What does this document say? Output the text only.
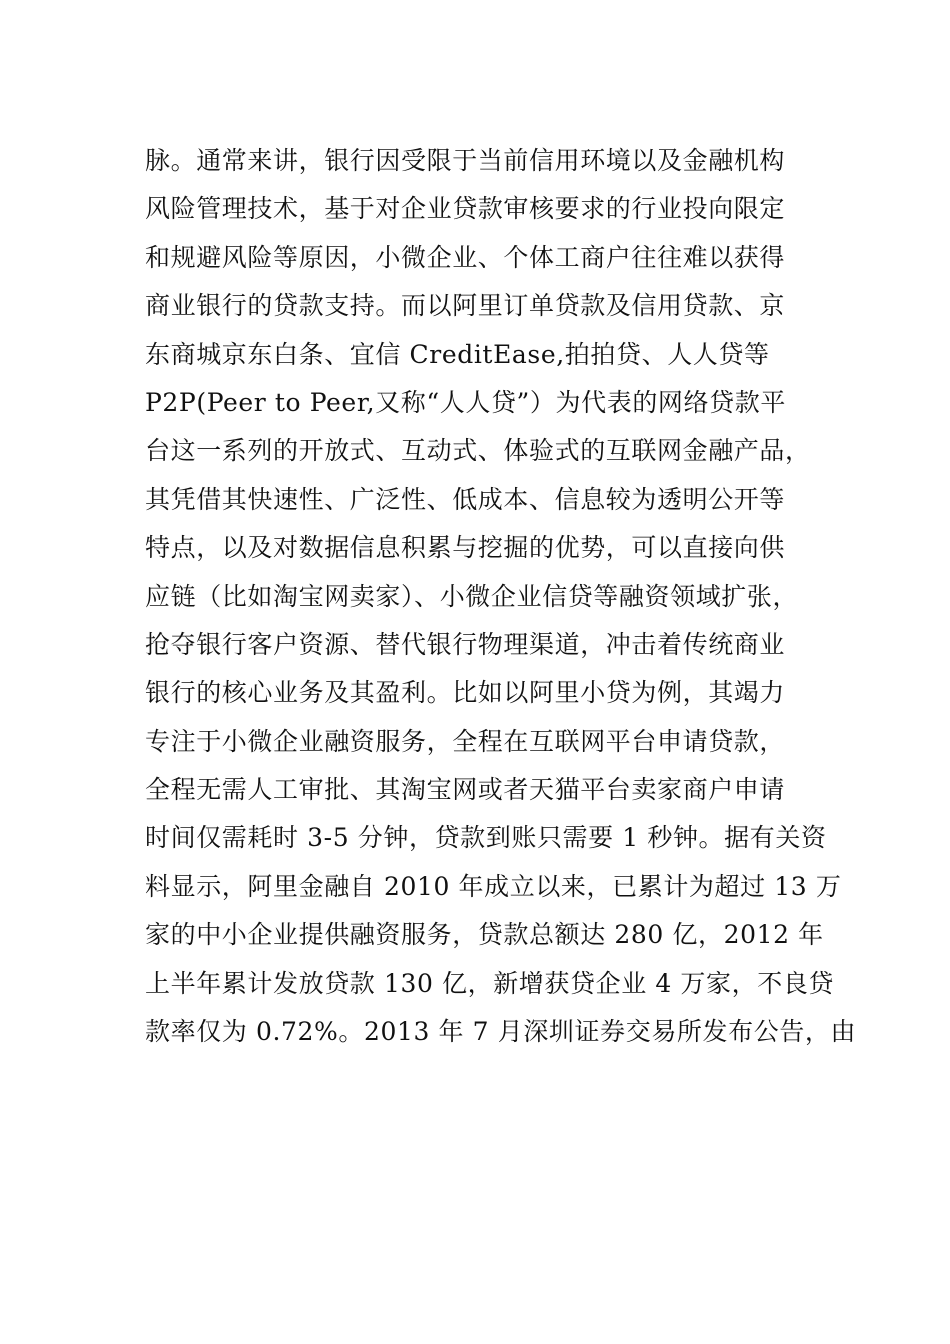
脉。通常来讲，银行因受限于当前信用环境以及金融机构
风险管理技术，基于对企业贷款审核要求的行业投向限定
和规避风险等原因，小微企业、个体工商户往往难以获得
商业银行的贷款支持。而以阿里订单贷款及信用贷款、京
东商城京东白条、宜信 CreditEase,拍拍贷、人人贷等
P2P(Peer to Peer,又称“人人贷”）为代表的网络贷款平
台这一系列的开放式、互动式、体验式的互联网金融产品，
其凭借其快速性、广泛性、低成本、信息较为透明公开等
特点，以及对数据信息积累与挖掘的优势，可以直接向供
应链（比如淘宝网卖家）、小微企业信贷等融资领域扩张，
抢夺银行客户资源、替代银行物理渠道，冲击着传统商业
银行的核心业务及其盈利。比如以阿里小贷为例，其竭力
专注于小微企业融资服务，全程在互联网平台申请贷款，
全程无需人工审批、其淘宝网或者天猫平台卖家商户申请
时间仅需耗时 3-5 分钟，贷款到账只需要 1 秒钟。据有关资
料显示，阿里金融自 2010 年成立以来，已累计为超过 13 万
家的中小企业提供融资服务，贷款总额达 280 亿，2012 年
上半年累计发放贷款 130 亿，新增获贷企业 4 万家，不良贷
款率仅为 0.72%。2013 年 7 月深圳证券交易所发布公告，由
